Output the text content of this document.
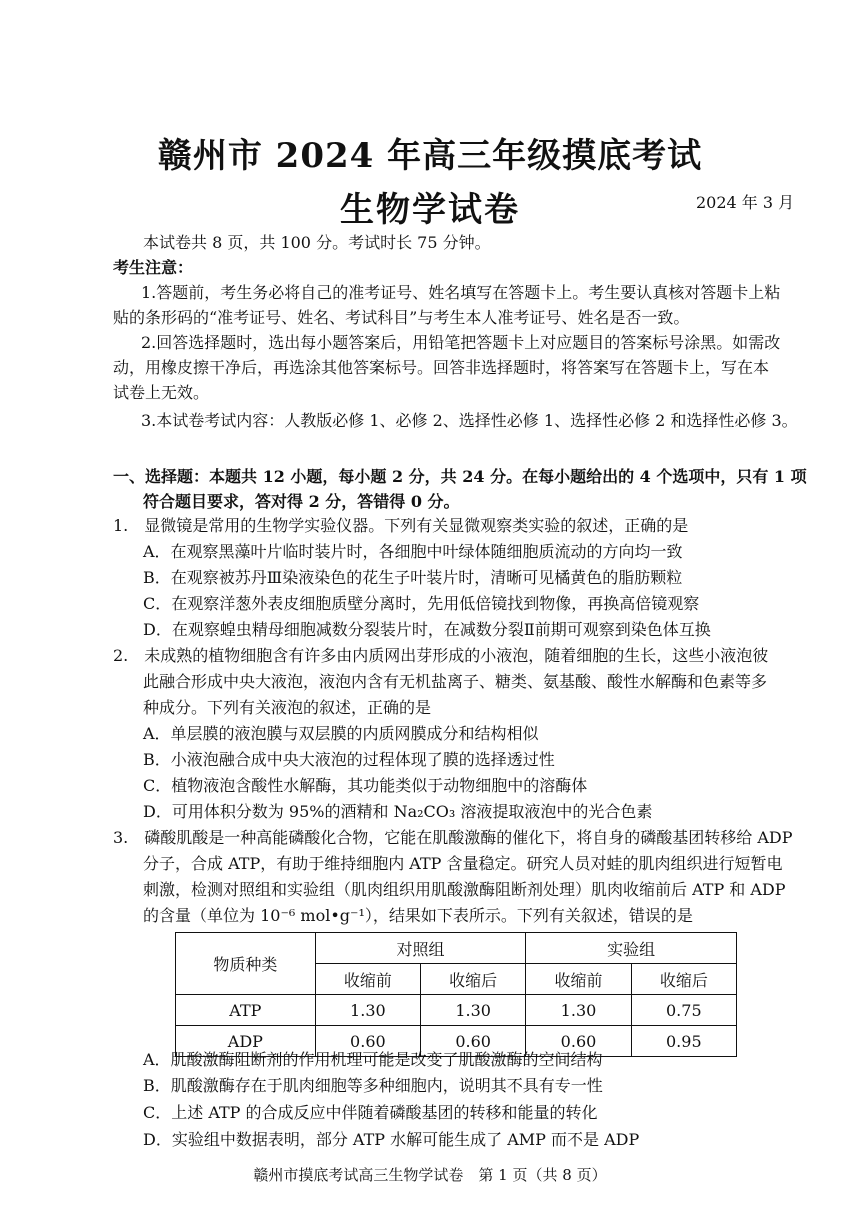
赣州市 2024 年高三年级摸底考试
生物学试卷	2024 年 3 月
本试卷共 8 页，共 100 分。考试时长 75 分钟。
考生注意：
1.答题前，考生务必将自己的准考证号、姓名填写在答题卡上。考生要认真核对答题卡上粘
贴的条形码的“准考证号、姓名、考试科目”与考生本人准考证号、姓名是否一致。
2.回答选择题时，选出每小题答案后，用铅笔把答题卡上对应题目的答案标号涂黑。如需改
动，用橡皮擦干净后，再选涂其他答案标号。回答非选择题时，将答案写在答题卡上，写在本
试卷上无效。
3.本试卷考试内容：人教版必修 1、必修 2、选择性必修 1、选择性必修 2 和选择性必修 3。
一、选择题：本题共 12 小题，每小题 2 分，共 24 分。在每小题给出的 4 个选项中，只有 1 项
符合题目要求，答对得 2 分，答错得 0 分。
1.　显微镜是常用的生物学实验仪器。下列有关显微观察类实验的叙述，正确的是
A．在观察黑藻叶片临时装片时，各细胞中叶绿体随细胞质流动的方向均一致
B．在观察被苏丹Ⅲ染液染色的花生子叶装片时，清晰可见橘黄色的脂肪颗粒
C．在观察洋葱外表皮细胞质壁分离时，先用低倍镜找到物像，再换高倍镜观察
D．在观察蝗虫精母细胞减数分裂装片时，在减数分裂Ⅱ前期可观察到染色体互换
2.　未成熟的植物细胞含有许多由内质网出芽形成的小液泡，随着细胞的生长，这些小液泡彼
此融合形成中央大液泡，液泡内含有无机盐离子、糖类、氨基酸、酸性水解酶和色素等多
种成分。下列有关液泡的叙述，正确的是
A．单层膜的液泡膜与双层膜的内质网膜成分和结构相似
B．小液泡融合成中央大液泡的过程体现了膜的选择透过性
C．植物液泡含酸性水解酶，其功能类似于动物细胞中的溶酶体
D．可用体积分数为 95%的酒精和 Na₂CO₃ 溶液提取液泡中的光合色素
3.　磷酸肌酸是一种高能磷酸化合物，它能在肌酸激酶的催化下，将自身的磷酸基团转移给 ADP
分子，合成 ATP，有助于维持细胞内 ATP 含量稳定。研究人员对蛙的肌肉组织进行短暂电
刺激，检测对照组和实验组（肌肉组织用肌酸激酶阻断剂处理）肌肉收缩前后 ATP 和 ADP
的含量（单位为 10⁻⁶ mol•g⁻¹），结果如下表所示。下列有关叙述，错误的是
物质种类	对照组		实验组	
	收缩前	收缩后	收缩前	收缩后
ATP	1.30	1.30	1.30	0.75
ADP	0.60	0.60	0.60	0.95
A．肌酸激酶阻断剂的作用机理可能是改变了肌酸激酶的空间结构
B．肌酸激酶存在于肌肉细胞等多种细胞内，说明其不具有专一性
C．上述 ATP 的合成反应中伴随着磷酸基团的转移和能量的转化
D．实验组中数据表明，部分 ATP 水解可能生成了 AMP 而不是 ADP
赣州市摸底考试高三生物学试卷　第 1 页（共 8 页）
